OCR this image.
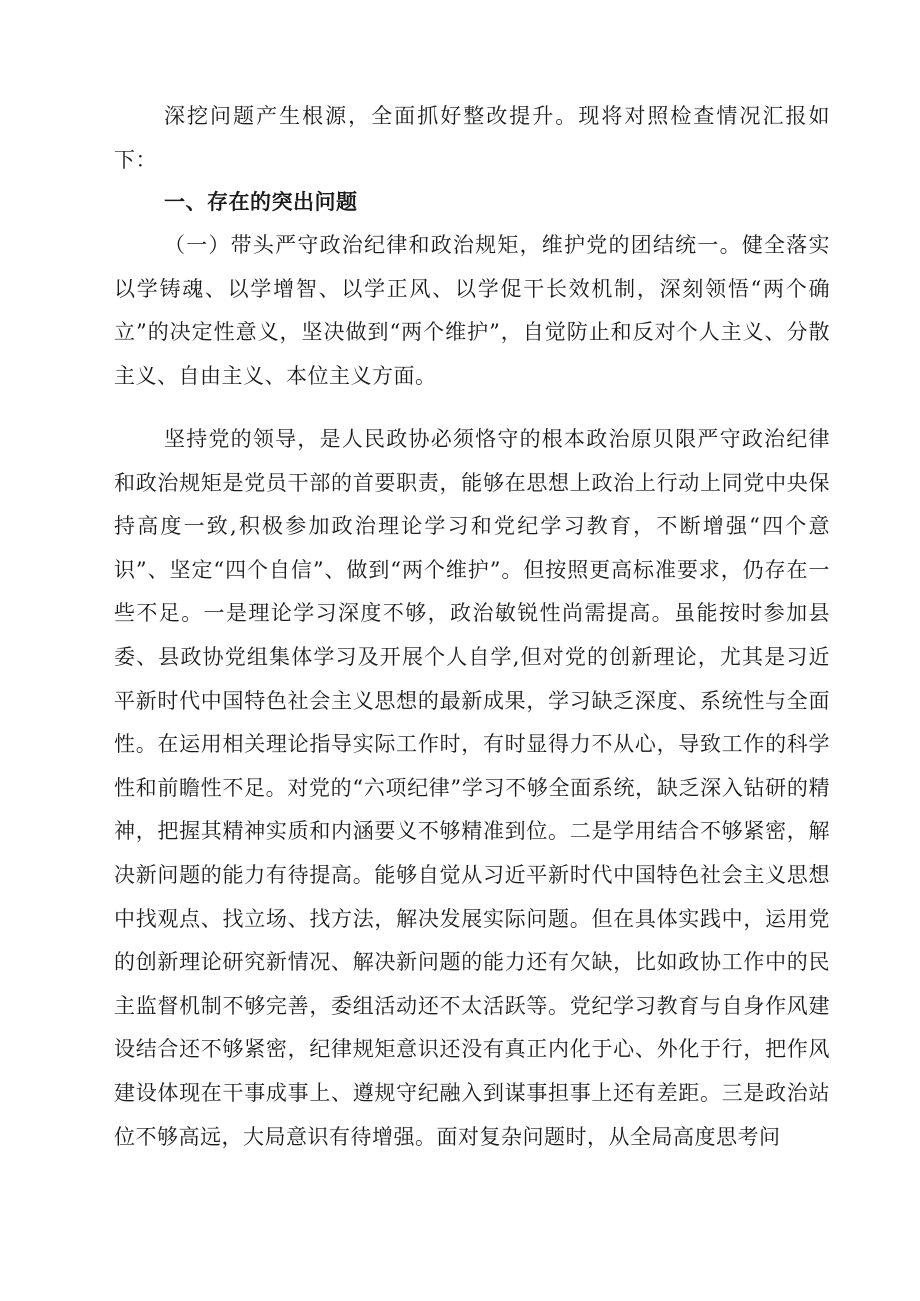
深挖问题产生根源，全面抓好整改提升。现将对照检查情况汇报如下：

一、存在的突出问题

（一）带头严守政治纪律和政治规矩，维护党的团结统一。健全落实以学铸魂、以学增智、以学正风、以学促干长效机制，深刻领悟“两个确立”的决定性意义，坚决做到“两个维护”，自觉防止和反对个人主义、分散主义、自由主义、本位主义方面。

坚持党的领导，是人民政协必须恪守的根本政治原贝限严守政治纪律和政治规矩是党员干部的首要职责，能够在思想上政治上行动上同党中央保持高度一致,积极参加政治理论学习和党纪学习教育，不断增强“四个意识”、坚定“四个自信”、做到“两个维护”。但按照更高标准要求，仍存在一些不足。一是理论学习深度不够，政治敏锐性尚需提高。虽能按时参加县委、县政协党组集体学习及开展个人自学,但对党的创新理论，尤其是习近平新时代中国特色社会主义思想的最新成果，学习缺乏深度、系统性与全面性。在运用相关理论指导实际工作时，有时显得力不从心，导致工作的科学性和前瞻性不足。对党的“六项纪律”学习不够全面系统，缺乏深入钻研的精神，把握其精神实质和内涵要义不够精准到位。二是学用结合不够紧密，解决新问题的能力有待提高。能够自觉从习近平新时代中国特色社会主义思想中找观点、找立场、找方法，解决发展实际问题。但在具体实践中，运用党的创新理论研究新情况、解决新问题的能力还有欠缺，比如政协工作中的民主监督机制不够完善，委组活动还不太活跃等。党纪学习教育与自身作风建设结合还不够紧密，纪律规矩意识还没有真正内化于心、外化于行，把作风建设体现在干事成事上、遵规守纪融入到谋事担事上还有差距。三是政治站位不够高远，大局意识有待增强。面对复杂问题时，从全局高度思考问
